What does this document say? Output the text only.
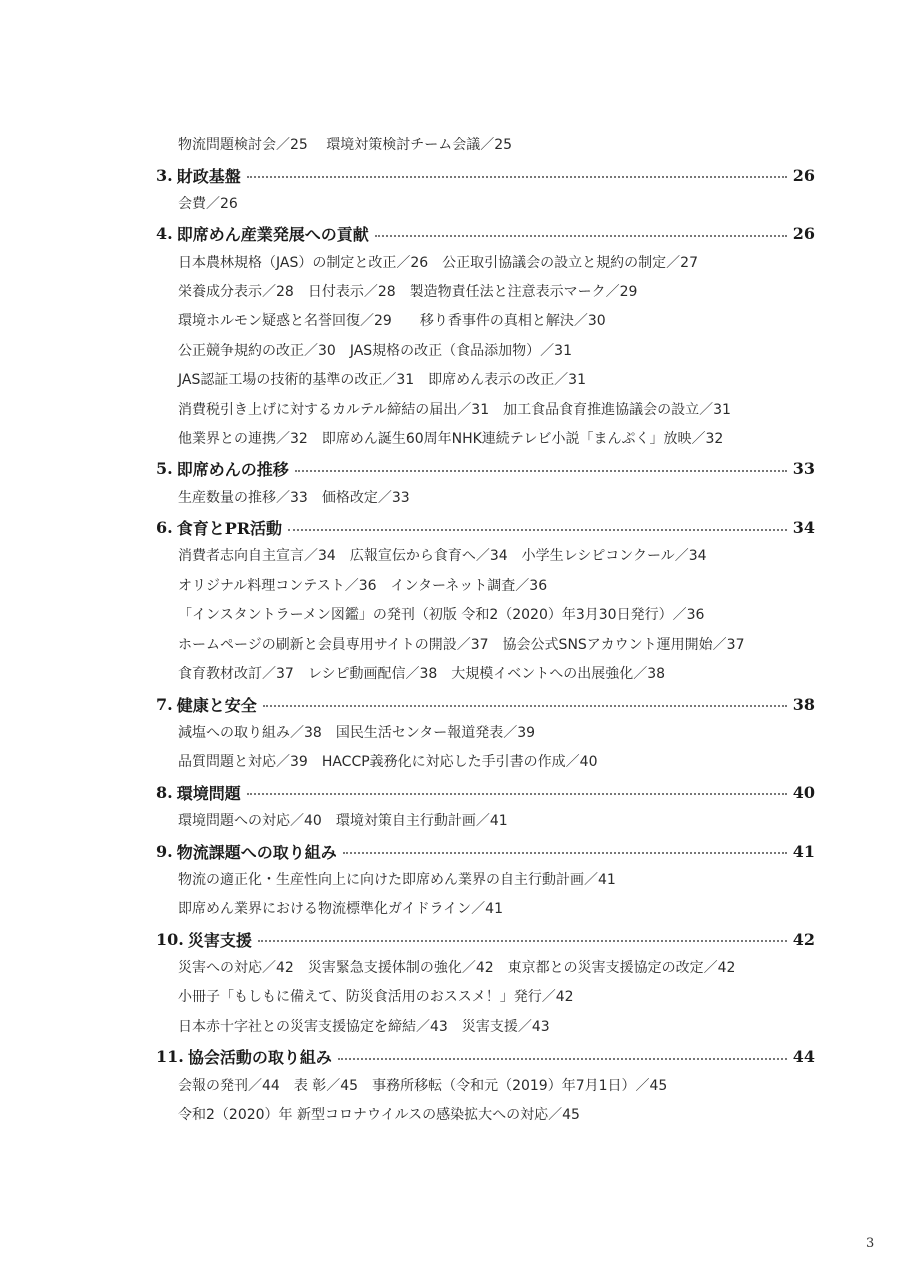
物流問題検討会／25　 環境対策検討チーム会議／25
3. 財政基盤	26
会費／26
4. 即席めん産業発展への貢献	26
日本農林規格（JAS）の制定と改正／26　公正取引協議会の設立と規約の制定／27
栄養成分表示／28　日付表示／28　製造物責任法と注意表示マーク／29
環境ホルモン疑惑と名誉回復／29　　移り香事件の真相と解決／30
公正競争規約の改正／30　JAS規格の改正（食品添加物）／31
JAS認証工場の技術的基準の改正／31　即席めん表示の改正／31
消費税引き上げに対するカルテル締結の届出／31　加工食品食育推進協議会の設立／31
他業界との連携／32　即席めん誕生60周年NHK連続テレビ小説「まんぷく」放映／32
5. 即席めんの推移	33
生産数量の推移／33　価格改定／33
6. 食育とPR活動	34
消費者志向自主宣言／34　広報宣伝から食育へ／34　小学生レシピコンクール／34
オリジナル料理コンテスト／36　インターネット調査／36
「インスタントラーメン図鑑」の発刊（初版 令和2（2020）年3月30日発行）／36
ホームページの刷新と会員専用サイトの開設／37　協会公式SNSアカウント運用開始／37
食育教材改訂／37　レシピ動画配信／38　大規模イベントへの出展強化／38
7. 健康と安全	38
減塩への取り組み／38　国民生活センター報道発表／39
品質問題と対応／39　HACCP義務化に対応した手引書の作成／40
8. 環境問題	40
環境問題への対応／40　環境対策自主行動計画／41
9. 物流課題への取り組み	41
物流の適正化・生産性向上に向けた即席めん業界の自主行動計画／41
即席めん業界における物流標準化ガイドライン／41
10. 災害支援	42
災害への対応／42　災害緊急支援体制の強化／42　東京都との災害支援協定の改定／42
小冊子「もしもに備えて、防災食活用のおススメ！」発行／42
日本赤十字社との災害支援協定を締結／43　災害支援／43
11. 協会活動の取り組み	44
会報の発刊／44　表 彰／45　事務所移転（令和元（2019）年7月1日）／45
令和2（2020）年 新型コロナウイルスの感染拡大への対応／45
3
